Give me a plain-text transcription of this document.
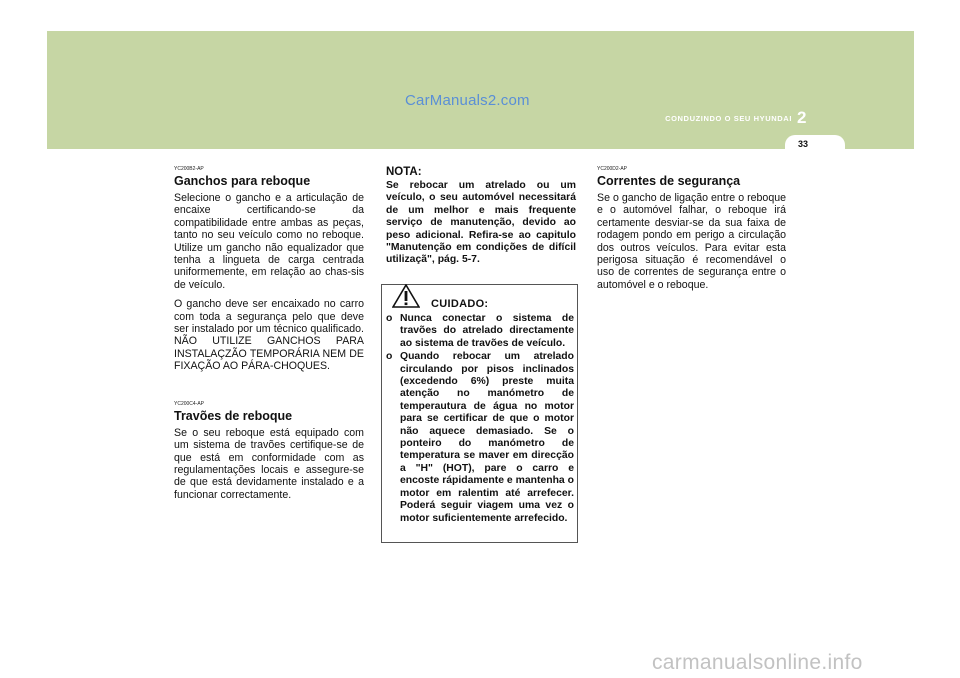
CarManuals2.com
CONDUZINDO O SEU HYUNDAI 2
33
YC200B2-AP
Ganchos para reboque

Selecione o gancho e a articulação de encaixe certificando-se da compatibilidade entre ambas as peças, tanto no seu veículo como no reboque. Utilize um gancho não equalizador que tenha a lingueta de carga centrada uniformemente, em relação ao chas-sis de veículo.

O gancho deve ser encaixado no carro com toda a segurança pelo que deve ser instalado por um técnico qualificado. NÃO UTILIZE GANCHOS PARA INSTALAÇZÃO TEMPORÁRIA NEM DE FIXAÇÃO AO PÁRA-CHOQUES.

YC200C4-AP
Travões de reboque

Se o seu reboque está equipado com um sistema de travões certifique-se de que está em conformidade com as regulamentações locais e assegure-se de que está devidamente instalado e a funcionar correctamente.

NOTA:

Se rebocar um atrelado ou um veículo, o seu automóvel necessitará de um melhor e mais frequente serviço de manutenção, devido ao peso adicional. Refira-se ao capitulo "Manutenção em condições de difícil utilizaçã", pág. 5-7.

CUIDADO:
o Nunca conectar o sistema de travões do atrelado directamente ao sistema de travões de veículo.
o Quando rebocar um atrelado circulando por pisos inclinados (excedendo 6%) preste muita atenção no manómetro de temperautura de água no motor para se certificar de que o motor não aquece demasiado. Se o ponteiro do manómetro de temperatura se maver em direcção a "H" (HOT), pare o carro e encoste rápidamente e mantenha o motor em ralentim até arrefecer. Poderá seguir viagem uma vez o motor suficientemente arrefecido.
YC200D2-AP
Correntes de segurança

Se o gancho de ligação entre o reboque e o automóvel falhar, o reboque irá certamente desviar-se da sua faixa de rodagem pondo em perigo a circulação dos outros veículos. Para evitar esta perigosa situação é recomendável o uso de correntes de segurança entre o automóvel e o reboque.

carmanualsonline.info
